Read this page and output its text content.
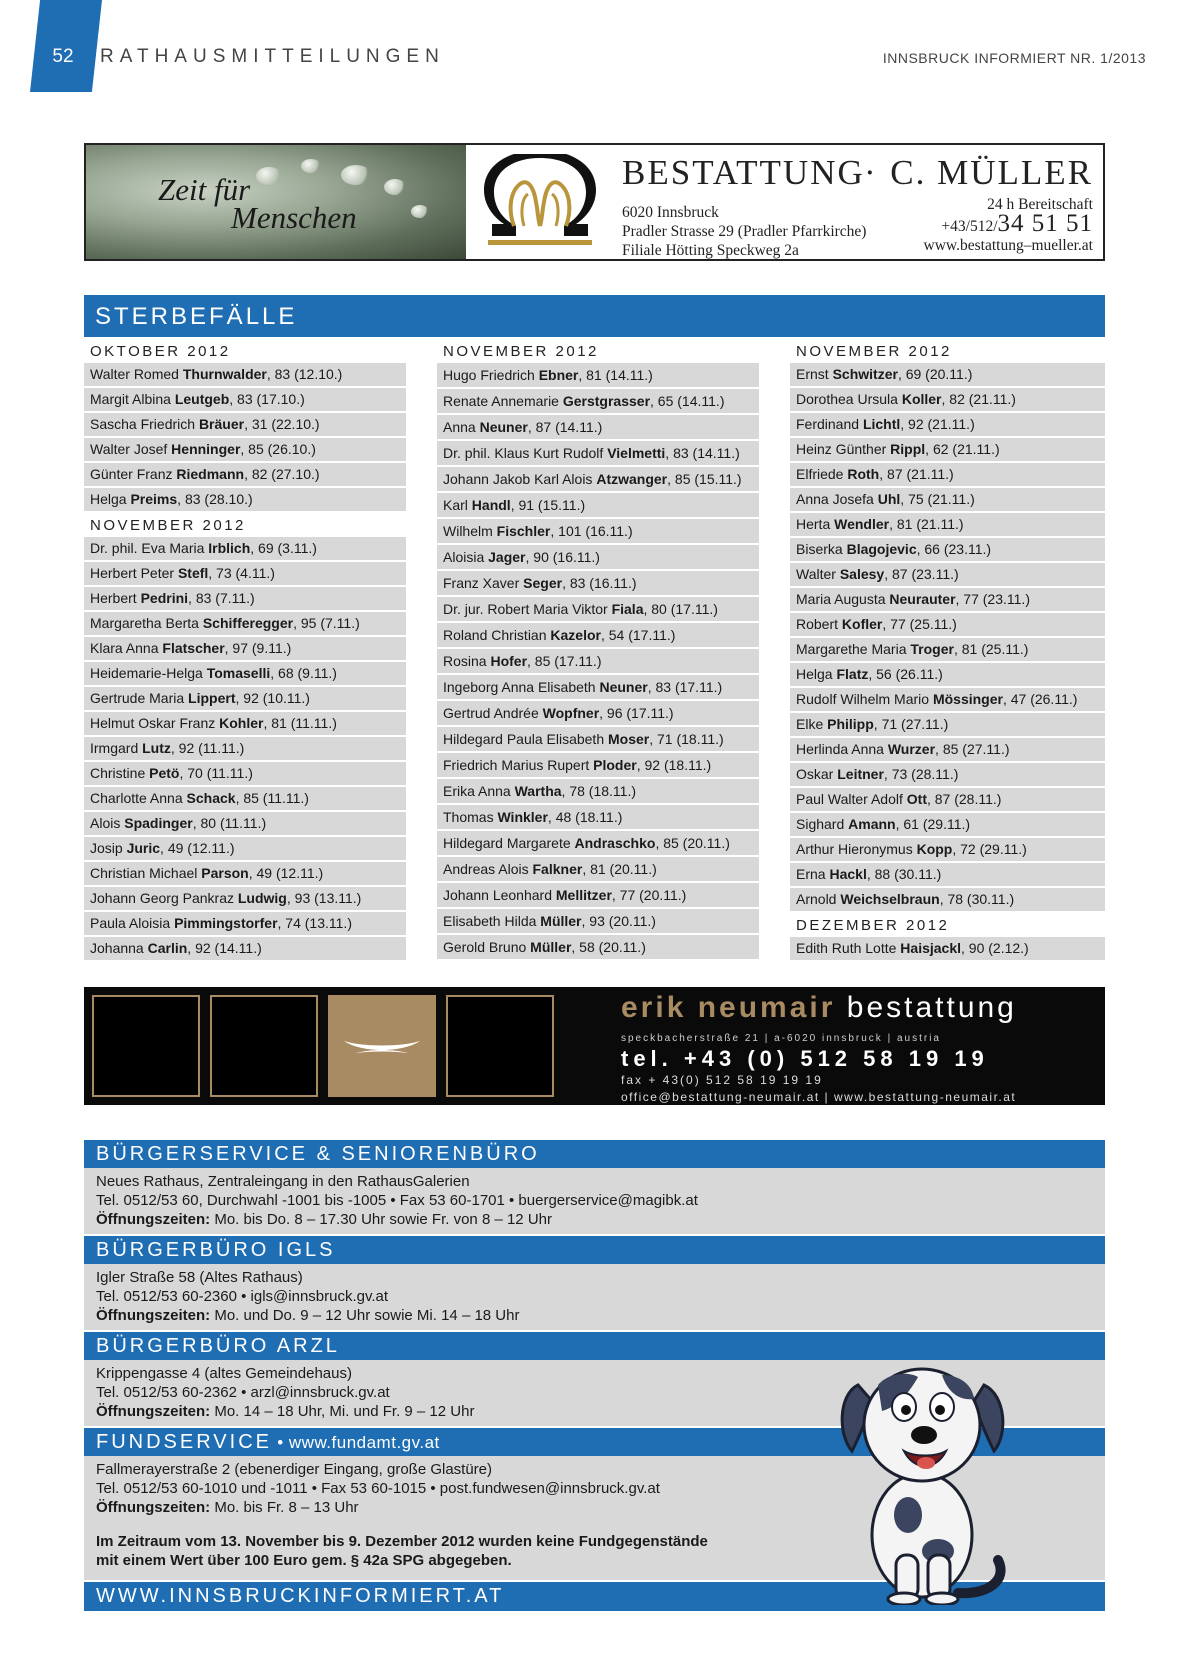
52	RATHAUSMITTEILUNGEN	INNSBRUCK INFORMIERT NR. 1/2013
Zeit für
Menschen
BESTATTUNG · C. MÜLLER
6020 Innsbruck
Pradler Strasse 29 (Pradler Pfarrkirche)
Filiale Hötting Speckweg 2a
24 h Bereitschaft
+43/512/34 51 51
www.bestattung–mueller.at
STERBEFÄLLE
OKTOBER 2012
Walter Romed Thurnwalder, 83 (12.10.)
Margit Albina Leutgeb, 83 (17.10.)
Sascha Friedrich Bräuer, 31 (22.10.)
Walter Josef Henninger, 85 (26.10.)
Günter Franz Riedmann, 82 (27.10.)
Helga Preims, 83 (28.10.)
NOVEMBER 2012
Dr. phil. Eva Maria Irblich, 69 (3.11.)
Herbert Peter Stefl, 73 (4.11.)
Herbert Pedrini, 83 (7.11.)
Margaretha Berta Schifferegger, 95 (7.11.)
Klara Anna Flatscher, 97 (9.11.)
Heidemarie-Helga Tomaselli, 68 (9.11.)
Gertrude Maria Lippert, 92 (10.11.)
Helmut Oskar Franz Kohler, 81 (11.11.)
Irmgard Lutz, 92 (11.11.)
Christine Petö, 70 (11.11.)
Charlotte Anna Schack, 85 (11.11.)
Alois Spadinger, 80 (11.11.)
Josip Juric, 49 (12.11.)
Christian Michael Parson, 49 (12.11.)
Johann Georg Pankraz Ludwig, 93 (13.11.)
Paula Aloisia Pimmingstorfer, 74 (13.11.)
Johanna Carlin, 92 (14.11.)
NOVEMBER 2012
Hugo Friedrich Ebner, 81 (14.11.)
Renate Annemarie Gerstgrasser, 65 (14.11.)
Anna Neuner, 87 (14.11.)
Dr. phil. Klaus Kurt Rudolf Vielmetti, 83 (14.11.)
Johann Jakob Karl Alois Atzwanger, 85 (15.11.)
Karl Handl, 91 (15.11.)
Wilhelm Fischler, 101 (16.11.)
Aloisia Jager, 90 (16.11.)
Franz Xaver Seger, 83 (16.11.)
Dr. jur. Robert Maria Viktor Fiala, 80 (17.11.)
Roland Christian Kazelor, 54 (17.11.)
Rosina Hofer, 85 (17.11.)
Ingeborg Anna Elisabeth Neuner, 83 (17.11.)
Gertrud Andrée Wopfner, 96 (17.11.)
Hildegard Paula Elisabeth Moser, 71 (18.11.)
Friedrich Marius Rupert Ploder, 92 (18.11.)
Erika Anna Wartha, 78 (18.11.)
Thomas Winkler, 48 (18.11.)
Hildegard Margarete Andraschko, 85 (20.11.)
Andreas Alois Falkner, 81 (20.11.)
Johann Leonhard Mellitzer, 77 (20.11.)
Elisabeth Hilda Müller, 93 (20.11.)
Gerold Bruno Müller, 58 (20.11.)
NOVEMBER 2012
Ernst Schwitzer, 69 (20.11.)
Dorothea Ursula Koller, 82 (21.11.)
Ferdinand Lichtl, 92 (21.11.)
Heinz Günther Rippl, 62 (21.11.)
Elfriede Roth, 87 (21.11.)
Anna Josefa Uhl, 75 (21.11.)
Herta Wendler, 81 (21.11.)
Biserka Blagojevic, 66 (23.11.)
Walter Salesy, 87 (23.11.)
Maria Augusta Neurauter, 77 (23.11.)
Robert Kofler, 77 (25.11.)
Margarethe Maria Troger, 81 (25.11.)
Helga Flatz, 56 (26.11.)
Rudolf Wilhelm Mario Mössinger, 47 (26.11.)
Elke Philipp, 71 (27.11.)
Herlinda Anna Wurzer, 85 (27.11.)
Oskar Leitner, 73 (28.11.)
Paul Walter Adolf Ott, 87 (28.11.)
Sighard Amann, 61 (29.11.)
Arthur Hieronymus Kopp, 72 (29.11.)
Erna Hackl, 88 (30.11.)
Arnold Weichselbraun, 78 (30.11.)
DEZEMBER 2012
Edith Ruth Lotte Haisjackl, 90 (2.12.)
erik neumair bestattung
speckbacherstraße 21 | a-6020 innsbruck | austria
tel. +43 (0) 512 58 19 19
fax + 43(0) 512 58 19 19 19
office@bestattung-neumair.at | www.bestattung-neumair.at
BÜRGERSERVICE & SENIORENBÜRO
Neues Rathaus, Zentraleingang in den RathausGalerien
Tel. 0512/53 60, Durchwahl -1001 bis -1005 • Fax 53 60-1701 • buergerservice@magibk.at
Öffnungszeiten: Mo. bis Do. 8 – 17.30 Uhr sowie Fr. von 8 – 12 Uhr
BÜRGERBÜRO IGLS
Igler Straße 58 (Altes Rathaus)
Tel. 0512/53 60-2360 • igls@innsbruck.gv.at
Öffnungszeiten: Mo. und Do. 9 – 12 Uhr sowie Mi. 14 – 18 Uhr
BÜRGERBÜRO ARZL
Krippengasse 4 (altes Gemeindehaus)
Tel. 0512/53 60-2362 • arzl@innsbruck.gv.at
Öffnungszeiten: Mo. 14 – 18 Uhr, Mi. und Fr. 9 – 12 Uhr
FUNDSERVICE • www.fundamt.gv.at
Fallmerayerstraße 2 (ebenerdiger Eingang, große Glastüre)
Tel. 0512/53 60-1010 und -1011 • Fax 53 60-1015 • post.fundwesen@innsbruck.gv.at
Öffnungszeiten: Mo. bis Fr. 8 – 13 Uhr
Im Zeitraum vom 13. November bis 9. Dezember 2012 wurden keine Fundgegenstände
mit einem Wert über 100 Euro gem. § 42a SPG abgegeben.
WWW.INNSBRUCKINFORMIERT.AT
